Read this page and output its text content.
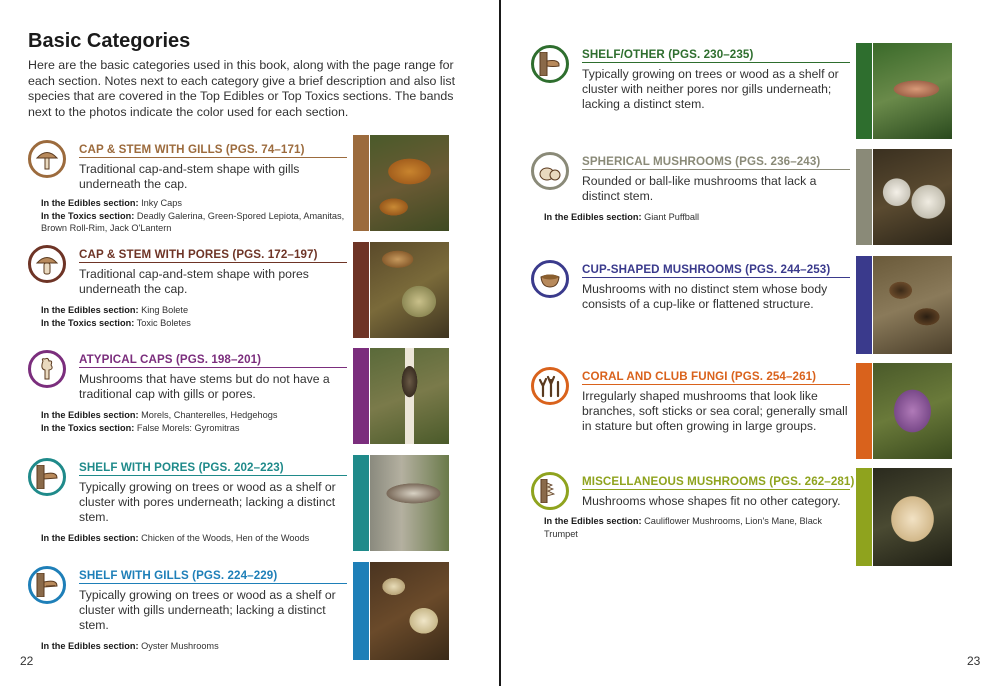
Basic Categories

Here are the basic categories used in this book, along with the page range for each section. Notes next to each category give a brief description and also list species that are covered in the Top Edibles or Top Toxics sections. The bands next to the photos indicate the color used for each section.

CAP & STEM WITH GILLS (PGS. 74–171)
Traditional cap-and-stem shape with gills underneath the cap.
In the Edibles section: Inky Caps
In the Toxics section: Deadly Galerina, Green-Spored Lepiota, Amanitas, Brown Roll-Rim, Jack O'Lantern
CAP & STEM WITH PORES (PGS. 172–197)
Traditional cap-and-stem shape with pores underneath the cap.
In the Edibles section: King Bolete
In the Toxics section: Toxic Boletes
ATYPICAL CAPS (PGS. 198–201)
Mushrooms that have stems but do not have a traditional cap with gills or pores.
In the Edibles section: Morels, Chanterelles, Hedgehogs
In the Toxics section: False Morels: Gyromitras
SHELF WITH PORES (PGS. 202–223)
Typically growing on trees or wood as a shelf or cluster with pores underneath; lacking a distinct stem.
In the Edibles section: Chicken of the Woods, Hen of the Woods
SHELF WITH GILLS (PGS. 224–229)
Typically growing on trees or wood as a shelf or cluster with gills underneath; lacking a distinct stem.
In the Edibles section: Oyster Mushrooms
22
SHELF/OTHER (PGS. 230–235)
Typically growing on trees or wood as a shelf or cluster with neither pores nor gills underneath; lacking a distinct stem.
SPHERICAL MUSHROOMS (PGS. 236–243)
Rounded or ball-like mushrooms that lack a distinct stem.
In the Edibles section: Giant Puffball
CUP-SHAPED MUSHROOMS (PGS. 244–253)
Mushrooms with no distinct stem whose body consists of a cup-like or flattened structure.
CORAL AND CLUB FUNGI (PGS. 254–261)
Irregularly shaped mushrooms that look like branches, soft sticks or sea coral; generally small in stature but often growing in large groups.
MISCELLANEOUS MUSHROOMS (PGS. 262–281)
Mushrooms whose shapes fit no other category.
In the Edibles section: Cauliflower Mushrooms, Lion's Mane, Black Trumpet
23
